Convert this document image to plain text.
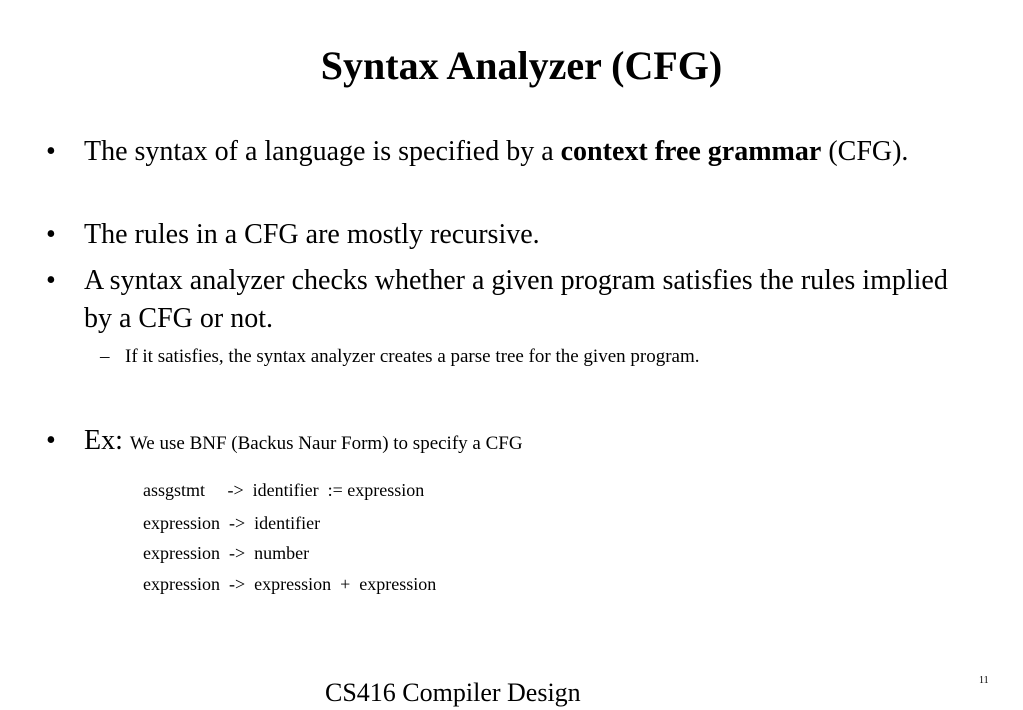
Syntax Analyzer (CFG)
•	The syntax of a language is specified by a context free grammar (CFG).
•	The rules in a CFG are mostly recursive.
•	A syntax analyzer checks whether a given program satisfies the rules implied by a CFG or not.
– If it satisfies, the syntax analyzer creates a parse tree for the given program.
•	Ex: We use BNF (Backus Naur Form) to specify a CFG
assgstmt     ->  identifier  := expression
expression  ->  identifier
expression  ->  number
expression  ->  expression  +  expression
CS416 Compiler Design	11
